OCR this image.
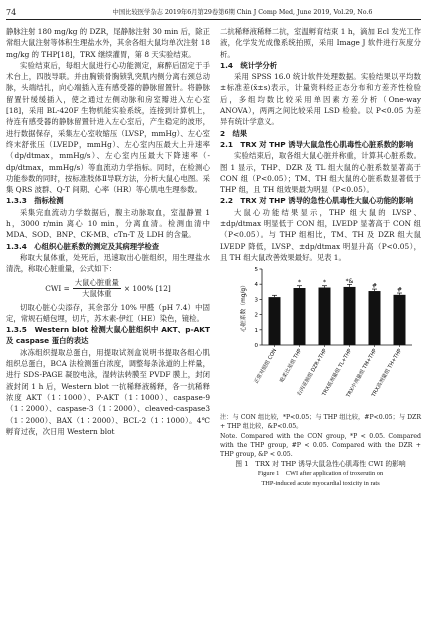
74	中国比较医学杂志 2019年6月第29卷第6期 Chin J Comp Med, June 2019, Vol.29, No.6

静脉注射 180 mg/kg 的 DZR，尾静脉注射 30 min 后，除正常组大鼠注射等体积生理盐水外，其余各组大鼠均单次注射 18 mg/kg 的 THP[18]，TRX 继续灌胃，第 8 天实验结束。

实验结束后，每组大鼠进行心功能测定，麻醉后固定于手术台上，四肢导联。并由胸锁骨胸锁乳突肌内侧分离右颈总动脉，头端结扎，向心端插入连有感受器的静脉留置针。将静脉留置针缓缓插入，使之通过左侧动脉和房室瓣进入左心室[18]，采用 BL-420F 生物机能实验系统，连接到计算机上，待连有感受器的静脉留置针进入左心室后，产生稳定的波形，进行数据保存，采集左心室收缩压（LVSP，mmHg）、左心室终末舒张压（LVEDP，mmHg）、左心室内压最大上升速率（dp/dtmax，mmHg/s）、左心室内压最大下降速率（-dp/dtmax，mmHg/s）等血流动力学指标。同时，在检测心功能参数的同时，按标准肢体Ⅱ导联方法，分析大鼠心电图。采集 QRS 波群、Q-T 间期、心率（HR）等心肌电生理参数。

1.3.3　指标检测

采集完血流动力学数据后，腹主动脉取血，室温静置 1 h，3000 r/min 离心 10 min，分离血清。检测血清中 MDA、SOD、BNP、CK-MB、cTn-T 及 LDH 的含量。

1.3.4　心组织心脏系数的测定及其病理学检查

称取大鼠体重，处死后，迅速取出心脏组织，用生理盐水清洗，称取心脏重量，公式如下：

CWI = $\frac{\text{大鼠心脏重量}}{\text{大鼠体重}} \times 100\%$ [12]

切取心脏心尖添存，其余部分 10% 甲醛（pH 7.4）中固定，常规石蜡包埋，切片，苏木素-伊红（HE）染色，镜检。

1.3.5　Western blot 检测大鼠心脏组织中 AKT、p-AKT 及 caspase 蛋白的表达

冰冻组织提取总蛋白，用提取试剂盒说明书提取各组心肌组织总蛋白，BCA 法检测蛋白浓度，调整每条泳道的上样量，进行 SDS-PAGE 凝胶电泳，湿转法转膜至 PVDF 膜上，封闭液封闭 1 h 后，Western blot 一抗稀释液稀释，各一抗稀释浓度 AKT（1∶1000）、P-AKT（1∶1000）、caspase-9（1∶2000）、caspase-3（1∶2000）、cleaved-caspase3（1∶2000）、BAX（1∶2000）、BCL-2（1∶1000）。4℃孵育过夜，次日用 Western blot

二抗稀释液稀释二抗，室温孵育结束 1 h，滴加 Ecl 发光工作液，化学发光成像系统拍照，采用 Image J 软件进行灰度分析。

1.4　统计学分析

采用 SPSS 16.0 统计软件处理数据。实验结果以平均数±标准差(x̄±s)表示，计量资料经正态分布和方差齐性检验后，多组均数比较采用单因素方差分析（One-way ANOVA），两两之间比较采用 LSD 检验。以 P<0.05 为差异有统计学意义。

2　结果

2.1　TRX 对 THP 诱导大鼠急性心肌毒性心脏系数的影响

实验结束后，取各组大鼠心脏并称重，计算其心脏系数。图 1 显示，THP、DZR 及 TL 组大鼠的心脏系数显著高于 CON 组（P<0.05）；TM、TH 组大鼠的心脏系数显著低于 THP 组，且 TH 组效果最为明显（P<0.05）。

2.2　TRX 对 THP 诱导的急性心肌毒性大鼠心功能的影响

大鼠心功能结果显示，THP 组大鼠的 LVSP、±dp/dtmax 明显低于 CON 组，LVEDP 显著高于 CON 组（P<0.05）。与 THP 组相比，TM、TH 及 DZR 组大鼠 LVEDP 降低，LVSP、±dp/dtmax 明显升高（P<0.05），且 TH 组大鼠改善效果最好。见表 1。

0
1
2
3
4
5
心脏系数（mg/g）
正常对照组 CON
*
吡柔比星组 THP
*
右丙亚胺组 DZR+THP
*&
TRX低剂量组 TL+THP
#
TRX中剂量组 TM+THP
#
TRX高剂量组 TH+THP

注：与 CON 组比较，*P<0.05；与 THP 组比较，#P<0.05；与 DZR + THP 组比较，&P<0.05。

Note. Compared with the CON group, *P < 0.05. Compared with the THP group, #P < 0.05. Compared with the DZR + THP group, &P < 0.05.

图 1　TRX 对 THP 诱导大鼠急性心肌毒性 CWI 的影响

Figure 1　CWI after application of troxerutin on

THP-induced acute myocardial toxicity in rats
